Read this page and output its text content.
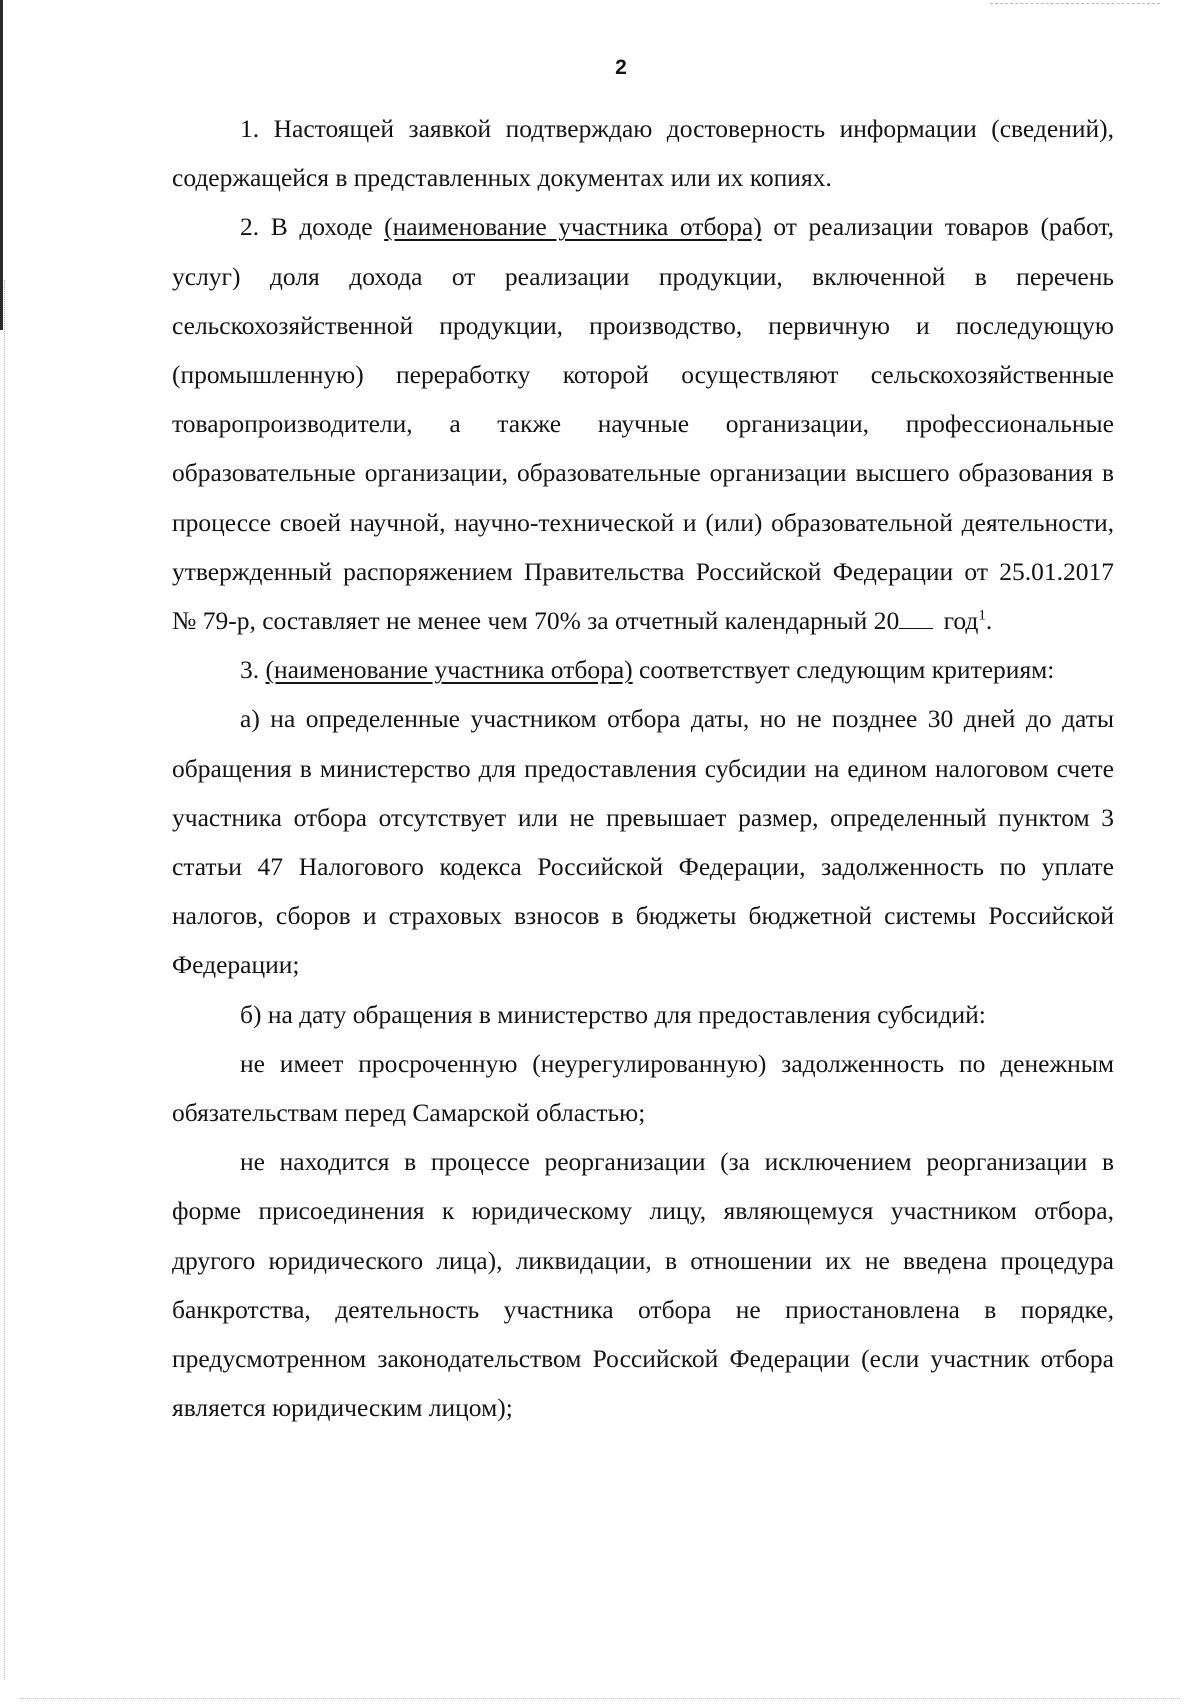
2

1. Настоящей заявкой подтверждаю достоверность информации (сведений), содержащейся в представленных документах или их копиях.

2. В доходе (наименование участника отбора) от реализации товаров (работ, услуг) доля дохода от реализации продукции, включенной в перечень сельскохозяйственной продукции, производство, первичную и последующую (промышленную) переработку которой осуществляют сельскохозяйственные товаропроизводители, а также научные организации, профессиональные образовательные организации, образовательные организации высшего образования в процессе своей научной, научно-технической и (или) образовательной деятельности, утвержденный распоряжением Правительства Российской Федерации от 25.01.2017 № 79-р, составляет не менее чем 70% за отчетный календарный 20 год$^1$.

3. (наименование участника отбора) соответствует следующим критериям:

а) на определенные участником отбора даты, но не позднее 30 дней до даты обращения в министерство для предоставления субсидии на едином налоговом счете участника отбора отсутствует или не превышает размер, определенный пунктом 3 статьи 47 Налогового кодекса Российской Федерации, задолженность по уплате налогов, сборов и страховых взносов в бюджеты бюджетной системы Российской Федерации;

б) на дату обращения в министерство для предоставления субсидий:

не имеет просроченную (неурегулированную) задолженность по денежным обязательствам перед Самарской областью;

не находится в процессе реорганизации (за исключением реорганизации в форме присоединения к юридическому лицу, являющемуся участником отбора, другого юридического лица), ликвидации, в отношении их не введена процедура банкротства, деятельность участника отбора не приостановлена в порядке, предусмотренном законодательством Российской Федерации (если участник отбора является юридическим лицом);
